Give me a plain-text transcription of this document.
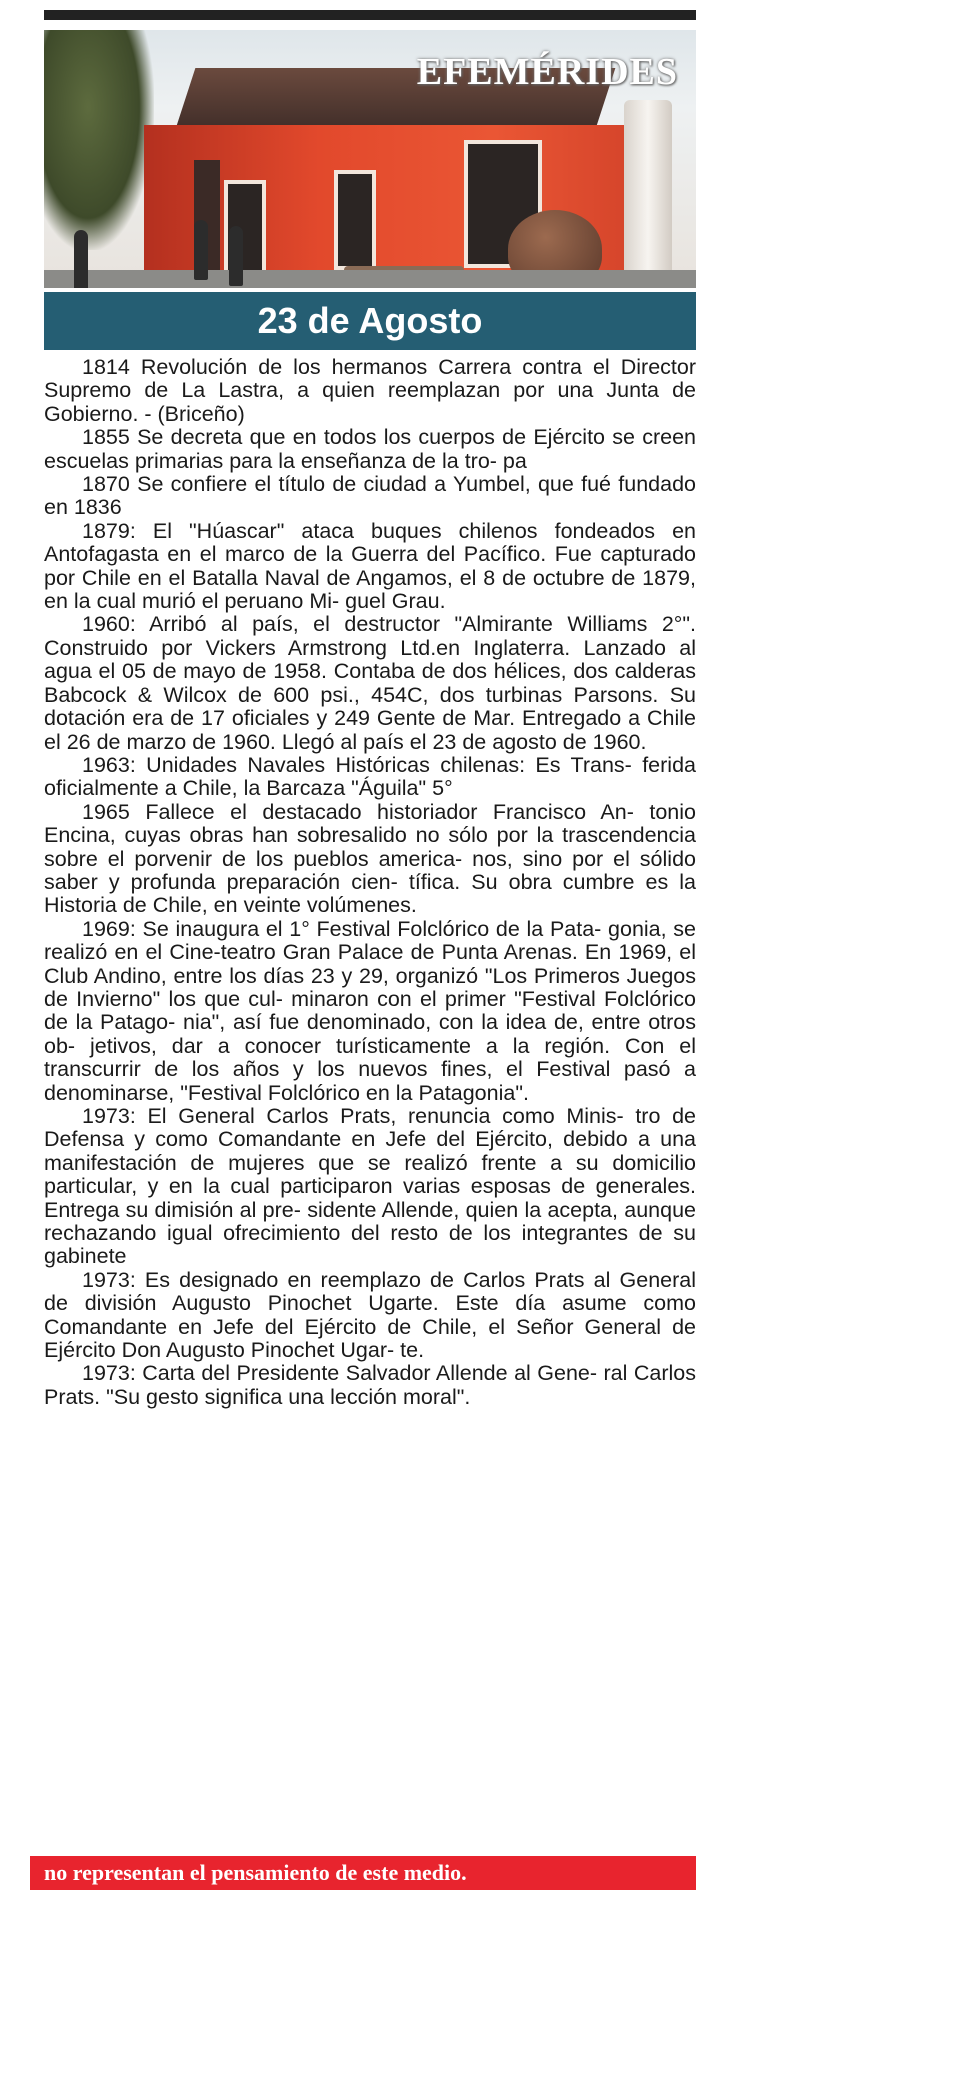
EFEMÉRIDES
23 de Agosto

1814 Revolución de los hermanos Carrera contra el Director Supremo de La Lastra, a quien reemplazan por una Junta de Gobierno. - (Briceño)

1855 Se decreta que en todos los cuerpos de Ejército se creen escuelas primarias para la enseñanza de la tro- pa

1870 Se confiere el título de ciudad a Yumbel, que fué fundado en 1836

1879: El "Húascar" ataca buques chilenos fondeados en Antofagasta en el marco de la Guerra del Pacífico. Fue capturado por Chile en el Batalla Naval de Angamos, el 8 de octubre de 1879, en la cual murió el peruano Mi- guel Grau.

1960: Arribó al país, el destructor "Almirante Williams 2°". Construido por Vickers Armstrong Ltd.en Inglaterra. Lanzado al agua el 05 de mayo de 1958. Contaba de dos hélices, dos calderas Babcock & Wilcox de 600 psi., 454C, dos turbinas Parsons. Su dotación era de 17 oficiales y 249 Gente de Mar. Entregado a Chile el 26 de marzo de 1960. Llegó al país el 23 de agosto de 1960.

1963: Unidades Navales Históricas chilenas: Es Trans- ferida oficialmente a Chile, la Barcaza "Águila" 5°

1965 Fallece el destacado historiador Francisco An- tonio Encina, cuyas obras han sobresalido no sólo por la trascendencia sobre el porvenir de los pueblos america- nos, sino por el sólido saber y profunda preparación cien- tífica. Su obra cumbre es la Historia de Chile, en veinte volúmenes.

1969: Se inaugura el 1° Festival Folclórico de la Pata- gonia, se realizó en el Cine-teatro Gran Palace de Punta Arenas. En 1969, el Club Andino, entre los días 23 y 29, organizó "Los Primeros Juegos de Invierno" los que cul- minaron con el primer "Festival Folclórico de la Patago- nia", así fue denominado, con la idea de, entre otros ob- jetivos, dar a conocer turísticamente a la región. Con el transcurrir de los años y los nuevos fines, el Festival pasó a denominarse, "Festival Folclórico en la Patagonia".

1973: El General Carlos Prats, renuncia como Minis- tro de Defensa y como Comandante en Jefe del Ejército, debido a una manifestación de mujeres que se realizó frente a su domicilio particular, y en la cual participaron varias esposas de generales. Entrega su dimisión al pre- sidente Allende, quien la acepta, aunque rechazando igual ofrecimiento del resto de los integrantes de su gabinete

1973: Es designado en reemplazo de Carlos Prats al General de división Augusto Pinochet Ugarte. Este día asume como Comandante en Jefe del Ejército de Chile, el Señor General de Ejército Don Augusto Pinochet Ugar- te.

1973: Carta del Presidente Salvador Allende al Gene- ral Carlos Prats. "Su gesto significa una lección moral".

no representan el pensamiento de este medio.
